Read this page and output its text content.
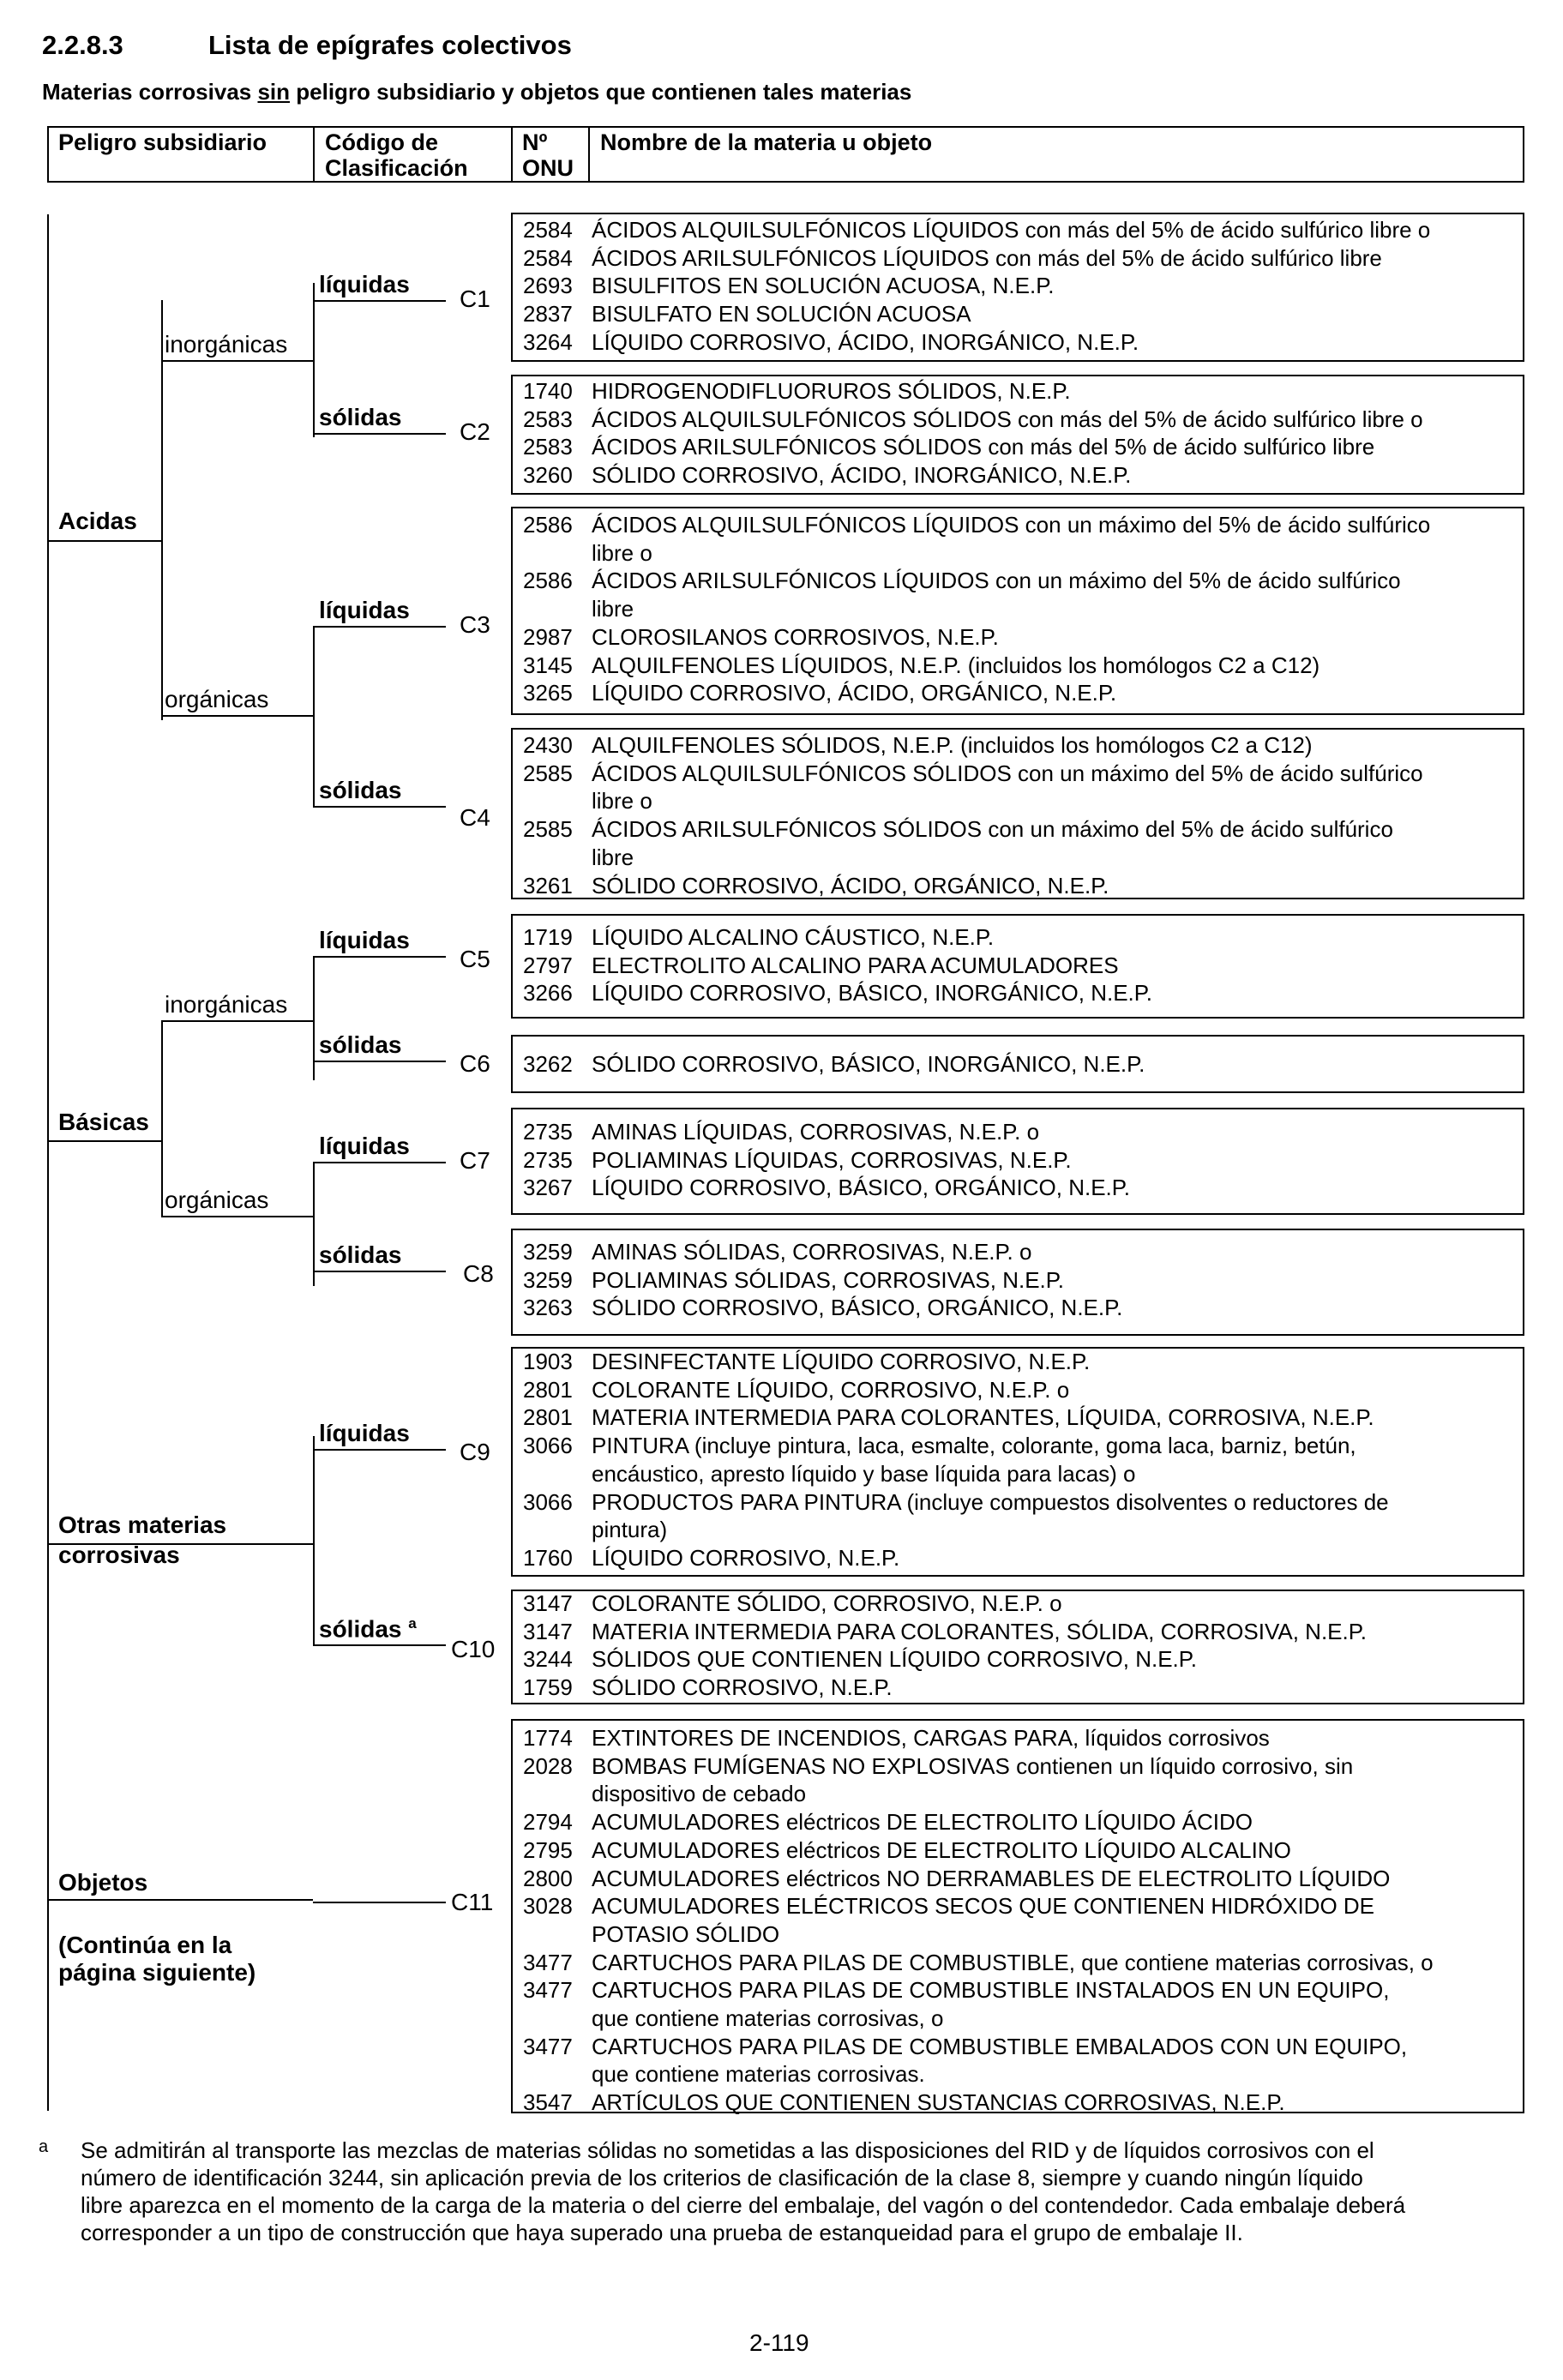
2.2.8.3	Lista de epígrafes colectivos
Materias corrosivas sin peligro subsidiario y objetos que contienen tales materias
Peligro subsidiario	Código de
Clasificación
Nº
ONU
Nombre de la materia u objeto
Acidas
Básicas
Otras materias
corrosivas
Objetos
(Continúa en la
página siguiente)
inorgánicas
orgánicas
inorgánicas
orgánicas
líquidas
sólidas
líquidas
sólidas
líquidas
sólidas
líquidas
sólidas
líquidas
sólidas $^a$
C1
C2
C3
C4
C5
C6
C7
C8
C9
C10
C11
2584 ÁCIDOS ALQUILSULFÓNICOS LÍQUIDOS con más del 5% de ácido sulfúrico libre o
2584 ÁCIDOS ARILSULFÓNICOS LÍQUIDOS con más del 5% de ácido sulfúrico libre
2693 BISULFITOS EN SOLUCIÓN ACUOSA, N.E.P.
2837 BISULFATO EN SOLUCIÓN ACUOSA
3264 LÍQUIDO CORROSIVO, ÁCIDO, INORGÁNICO, N.E.P.
1740 HIDROGENODIFLUORUROS SÓLIDOS, N.E.P.
2583 ÁCIDOS ALQUILSULFÓNICOS SÓLIDOS con más del 5% de ácido sulfúrico libre o
2583 ÁCIDOS ARILSULFÓNICOS SÓLIDOS con más del 5% de ácido sulfúrico libre
3260 SÓLIDO CORROSIVO, ÁCIDO, INORGÁNICO, N.E.P.
2586 ÁCIDOS ALQUILSULFÓNICOS LÍQUIDOS con un máximo del 5% de ácido sulfúrico
libre o
2586 ÁCIDOS ARILSULFÓNICOS LÍQUIDOS con un máximo del 5% de ácido sulfúrico
libre
2987 CLOROSILANOS CORROSIVOS, N.E.P.
3145 ALQUILFENOLES LÍQUIDOS, N.E.P. (incluidos los homólogos C2 a C12)
3265 LÍQUIDO CORROSIVO, ÁCIDO, ORGÁNICO, N.E.P.
2430 ALQUILFENOLES SÓLIDOS, N.E.P. (incluidos los homólogos C2 a C12)
2585 ÁCIDOS ALQUILSULFÓNICOS SÓLIDOS con un máximo del 5% de ácido sulfúrico
libre o
2585 ÁCIDOS ARILSULFÓNICOS SÓLIDOS con un máximo del 5% de ácido sulfúrico
libre
3261 SÓLIDO CORROSIVO, ÁCIDO, ORGÁNICO, N.E.P.
1719 LÍQUIDO ALCALINO CÁUSTICO, N.E.P.
2797 ELECTROLITO ALCALINO PARA ACUMULADORES
3266 LÍQUIDO CORROSIVO, BÁSICO, INORGÁNICO, N.E.P.
3262 SÓLIDO CORROSIVO, BÁSICO, INORGÁNICO, N.E.P.
2735 AMINAS LÍQUIDAS, CORROSIVAS, N.E.P. o
2735 POLIAMINAS LÍQUIDAS, CORROSIVAS, N.E.P.
3267 LÍQUIDO CORROSIVO, BÁSICO, ORGÁNICO, N.E.P.
3259 AMINAS SÓLIDAS, CORROSIVAS, N.E.P. o
3259 POLIAMINAS SÓLIDAS, CORROSIVAS, N.E.P.
3263 SÓLIDO CORROSIVO, BÁSICO, ORGÁNICO, N.E.P.
1903 DESINFECTANTE LÍQUIDO CORROSIVO, N.E.P.
2801 COLORANTE LÍQUIDO, CORROSIVO, N.E.P. o
2801 MATERIA INTERMEDIA PARA COLORANTES, LÍQUIDA, CORROSIVA, N.E.P.
3066 PINTURA (incluye pintura, laca, esmalte, colorante, goma laca, barniz, betún,
encáustico, apresto líquido y base líquida para lacas) o
3066 PRODUCTOS PARA PINTURA (incluye compuestos disolventes o reductores de
pintura)
1760 LÍQUIDO CORROSIVO, N.E.P.
3147 COLORANTE SÓLIDO, CORROSIVO, N.E.P. o
3147 MATERIA INTERMEDIA PARA COLORANTES, SÓLIDA, CORROSIVA, N.E.P.
3244 SÓLIDOS QUE CONTIENEN LÍQUIDO CORROSIVO, N.E.P.
1759 SÓLIDO CORROSIVO, N.E.P.
1774 EXTINTORES DE INCENDIOS, CARGAS PARA, líquidos corrosivos
2028 BOMBAS FUMÍGENAS NO EXPLOSIVAS contienen un líquido corrosivo, sin
dispositivo de cebado
2794 ACUMULADORES eléctricos DE ELECTROLITO LÍQUIDO ÁCIDO
2795 ACUMULADORES eléctricos DE ELECTROLITO LÍQUIDO ALCALINO
2800 ACUMULADORES eléctricos NO DERRAMABLES DE ELECTROLITO LÍQUIDO
3028 ACUMULADORES ELÉCTRICOS SECOS QUE CONTIENEN HIDRÓXIDO DE
POTASIO SÓLIDO
3477 CARTUCHOS PARA PILAS DE COMBUSTIBLE, que contiene materias corrosivas, o
3477 CARTUCHOS PARA PILAS DE COMBUSTIBLE INSTALADOS EN UN EQUIPO,
que contiene materias corrosivas, o
3477 CARTUCHOS PARA PILAS DE COMBUSTIBLE EMBALADOS CON UN EQUIPO,
que contiene materias corrosivas.
3547 ARTÍCULOS QUE CONTIENEN SUSTANCIAS CORROSIVAS, N.E.P.
a Se admitirán al transporte las mezclas de materias sólidas no sometidas a las disposiciones del RID y de líquidos corrosivos con el
número de identificación 3244, sin aplicación previa de los criterios de clasificación de la clase 8, siempre y cuando ningún líquido
libre aparezca en el momento de la carga de la materia o del cierre del embalaje, del vagón o del contendedor. Cada embalaje deberá
corresponder a un tipo de construcción que haya superado una prueba de estanqueidad para el grupo de embalaje II.
2-119
